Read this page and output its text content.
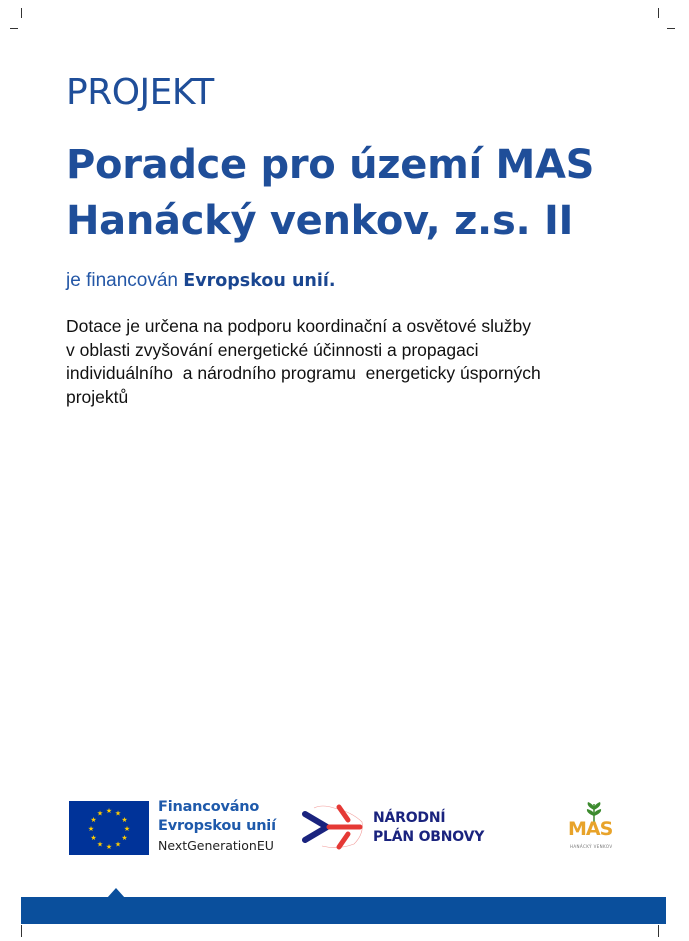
PROJEKT
Poradce pro území MAS
Hanácký venkov, z.s. II
je financován Evropskou unií.
Dotace je určena na podporu koordinační a osvětové služby
v oblasti zvyšování energetické účinnosti a propagaci
individuálního  a národního programu  energeticky úsporných
projektů
★ ★
★
★
★
★
★
★
★
★
★
★	Financováno
Evropskou unií
NextGenerationEU
NÁRODNÍ
PLÁN OBNOVY	MAS
HANÁCKÝ VENKOV
